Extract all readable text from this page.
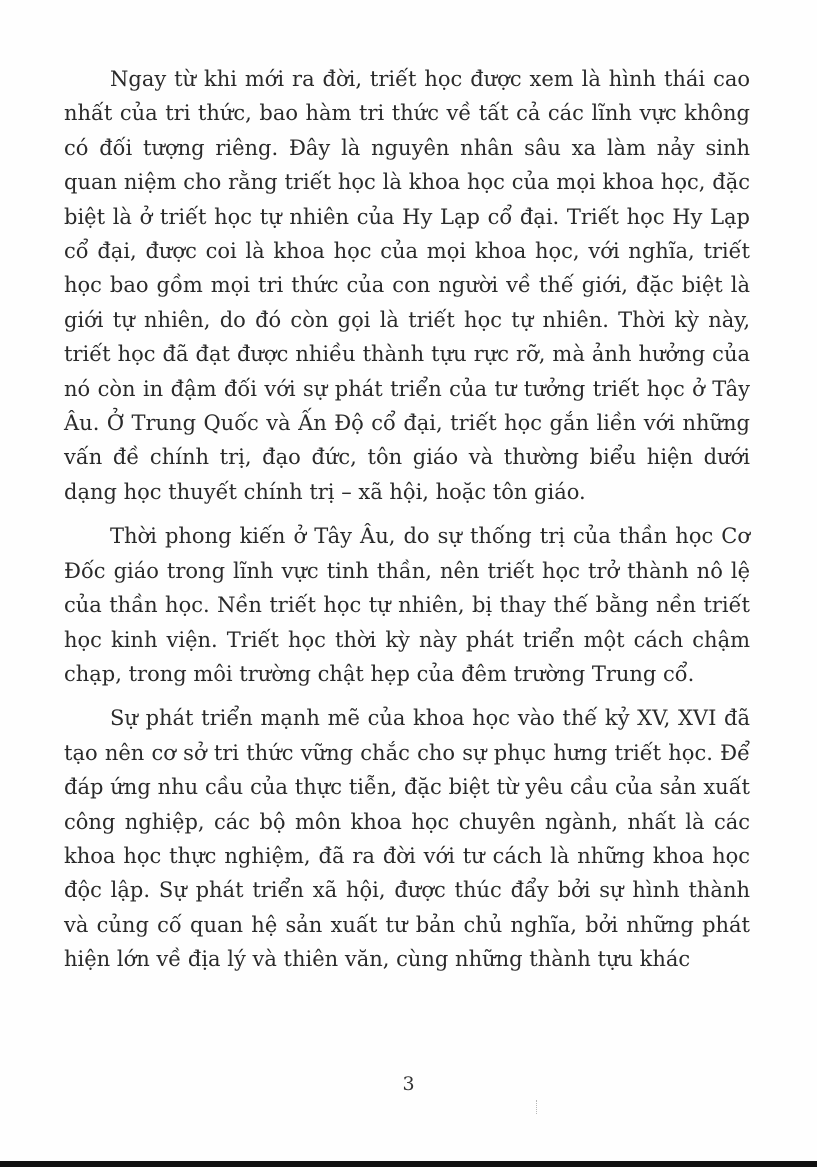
Ngay từ khi mới ra đời, triết học được xem là hình thái cao nhất của tri thức, bao hàm tri thức về tất cả các lĩnh vực không có đối tượng riêng. Đây là nguyên nhân sâu xa làm nảy sinh quan niệm cho rằng triết học là khoa học của mọi khoa học, đặc biệt là ở triết học tự nhiên của Hy Lạp cổ đại. Triết học Hy Lạp cổ đại, được coi là khoa học của mọi khoa học, với nghĩa, triết học bao gồm mọi tri thức của con người về thế giới, đặc biệt là giới tự nhiên, do đó còn gọi là triết học tự nhiên. Thời kỳ này, triết học đã đạt được nhiều thành tựu rực rỡ, mà ảnh hưởng của nó còn in đậm đối với sự phát triển của tư tưởng triết học ở Tây Âu. Ở Trung Quốc và Ấn Độ cổ đại, triết học gắn liền với những vấn đề chính trị, đạo đức, tôn giáo và thường biểu hiện dưới dạng học thuyết chính trị – xã hội, hoặc tôn giáo.

Thời phong kiến ở Tây Âu, do sự thống trị của thần học Cơ Đốc giáo trong lĩnh vực tinh thần, nên triết học trở thành nô lệ của thần học. Nền triết học tự nhiên, bị thay thế bằng nền triết học kinh viện. Triết học thời kỳ này phát triển một cách chậm chạp, trong môi trường chật hẹp của đêm trường Trung cổ.

Sự phát triển mạnh mẽ của khoa học vào thế kỷ XV, XVI đã tạo nên cơ sở tri thức vững chắc cho sự phục hưng triết học. Để đáp ứng nhu cầu của thực tiễn, đặc biệt từ yêu cầu của sản xuất công nghiệp, các bộ môn khoa học chuyên ngành, nhất là các khoa học thực nghiệm, đã ra đời với tư cách là những khoa học độc lập. Sự phát triển xã hội, được thúc đẩy bởi sự hình thành và củng cố quan hệ sản xuất tư bản chủ nghĩa, bởi những phát hiện lớn về địa lý và thiên văn, cùng những thành tựu khác

3
